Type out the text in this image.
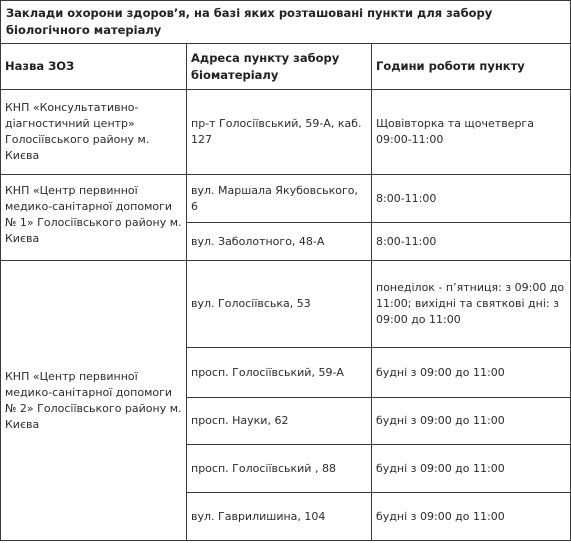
Заклади охорони здоров’я, на базі яких розташовані пункти для забору біологічного матеріалу		
Назва ЗОЗ	Адреса пункту забору біоматеріалу	Години роботи пункту
КНП «Консультативно-діагностичний центр» Голосіївського району м. Києва	пр-т Голосіївський, 59-А, каб. 127	Щовівторка та щочетверга 09:00-11:00
КНП «Центр первинної медико-санітарної допомоги № 1» Голосіївського району м. Києва	вул. Маршала Якубовського, 6	8:00-11:00
	вул. Заболотного, 48-А	8:00-11:00
КНП «Центр первинної медико-санітарної допомоги № 2» Голосіївського району м. Києва	вул. Голосіївська, 53	понеділок - п’ятниця: з 09:00 до 11:00; вихідні та святкові дні: з 09:00 до 11:00
	просп. Голосіївський, 59-А	будні з 09:00 до 11:00
	просп. Науки, 62	будні з 09:00 до 11:00
	просп. Голосіївський , 88	будні з 09:00 до 11:00
	вул. Гаврилишина, 104	будні з 09:00 до 11:00
